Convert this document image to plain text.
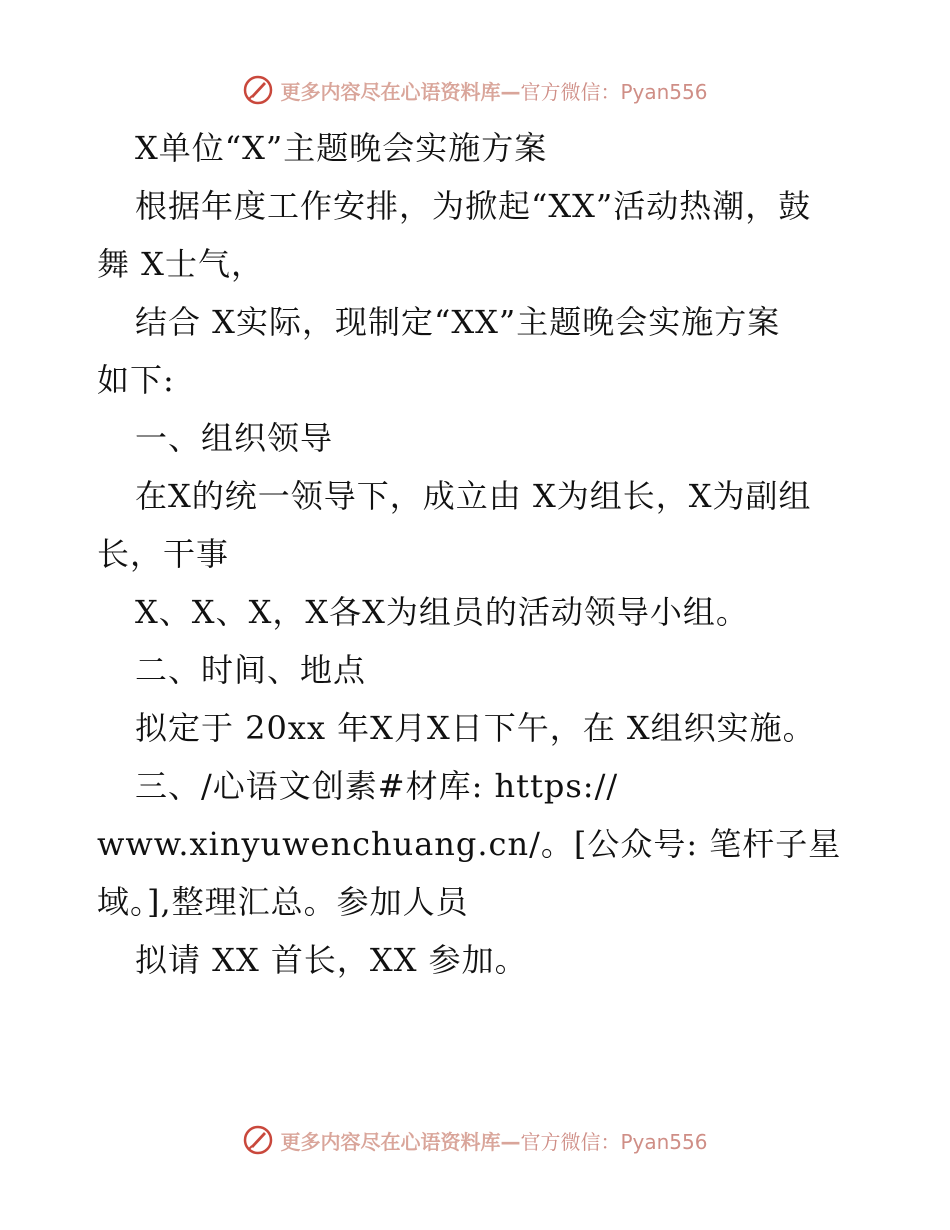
更多内容尽在心语资料库— 官方微信：Pyan556
X单位“X”主题晚会实施方案
根据年度工作安排，为掀起“XX”活动热潮，鼓
舞 X士气，
结合 X实际，现制定“XX”主题晚会实施方案
如下:
一、组织领导
在X的统一领导下，成立由 X为组长，X为副组
长，干事
X、X、X，X各X为组员的活动领导小组。
二、时间、地点
拟定于 20xx 年X月X日下午，在 X组织实施。
三、/心语文创素#材库: https://
www.xinyuwenchuang.cn/。[公众号: 笔杆子星
域。],整理汇总。参加人员
拟请 XX 首长，XX 参加。
更多内容尽在心语资料库— 官方微信：Pyan556
